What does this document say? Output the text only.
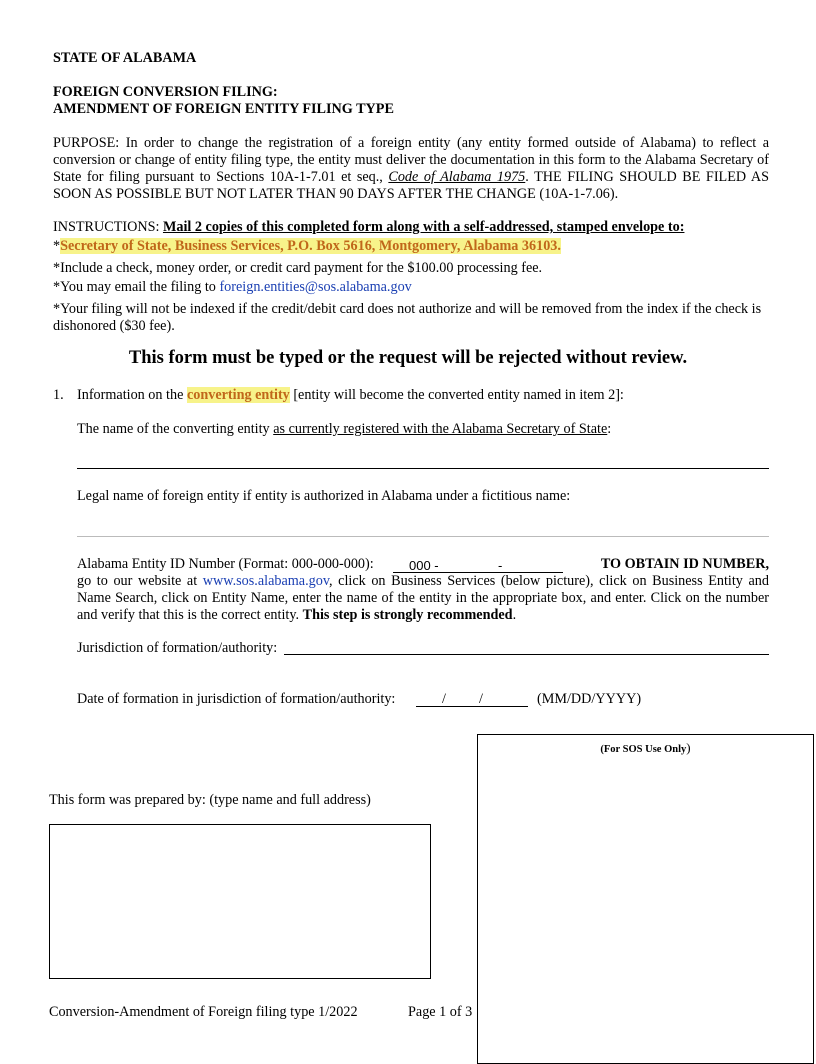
STATE OF ALABAMA
FOREIGN CONVERSION FILING:
AMENDMENT OF FOREIGN ENTITY FILING TYPE
PURPOSE: In order to change the registration of a foreign entity (any entity formed outside of Alabama) to reflect a conversion or change of entity filing type, the entity must deliver the documentation in this form to the Alabama Secretary of State for filing pursuant to Sections 10A-1-7.01 et seq., Code of Alabama 1975. THE FILING SHOULD BE FILED AS SOON AS POSSIBLE BUT NOT LATER THAN 90 DAYS AFTER THE CHANGE (10A-1-7.06).
INSTRUCTIONS: Mail 2 copies of this completed form along with a self-addressed, stamped envelope to:
*Secretary of State, Business Services, P.O. Box 5616, Montgomery, Alabama 36103.
*Include a check, money order, or credit card payment for the $100.00 processing fee.
*You may email the filing to foreign.entities@sos.alabama.gov
*Your filing will not be indexed if the credit/debit card does not authorize and will be removed from the index if the check is dishonored ($30 fee).
This form must be typed or the request will be rejected without review.
1. Information on the converting entity [entity will become the converted entity named in item 2]:
The name of the converting entity as currently registered with the Alabama Secretary of State:
Legal name of foreign entity if entity is authorized in Alabama under a fictitious name:
Alabama Entity ID Number (Format: 000-000-000):	000 -	-	TO OBTAIN ID NUMBER,
go to our website at www.sos.alabama.gov, click on Business Services (below picture), click on Business Entity and Name Search, click on Entity Name, enter the name of the entity in the appropriate box, and enter. Click on the number and verify that this is the correct entity. This step is strongly recommended.
Jurisdiction of formation/authority:
Date of formation in jurisdiction of formation/authority:	/ /	(MM/DD/YYYY)
(For SOS Use Only)
This form was prepared by: (type name and full address)
Conversion-Amendment of Foreign filing type 1/2022	Page 1 of 3
